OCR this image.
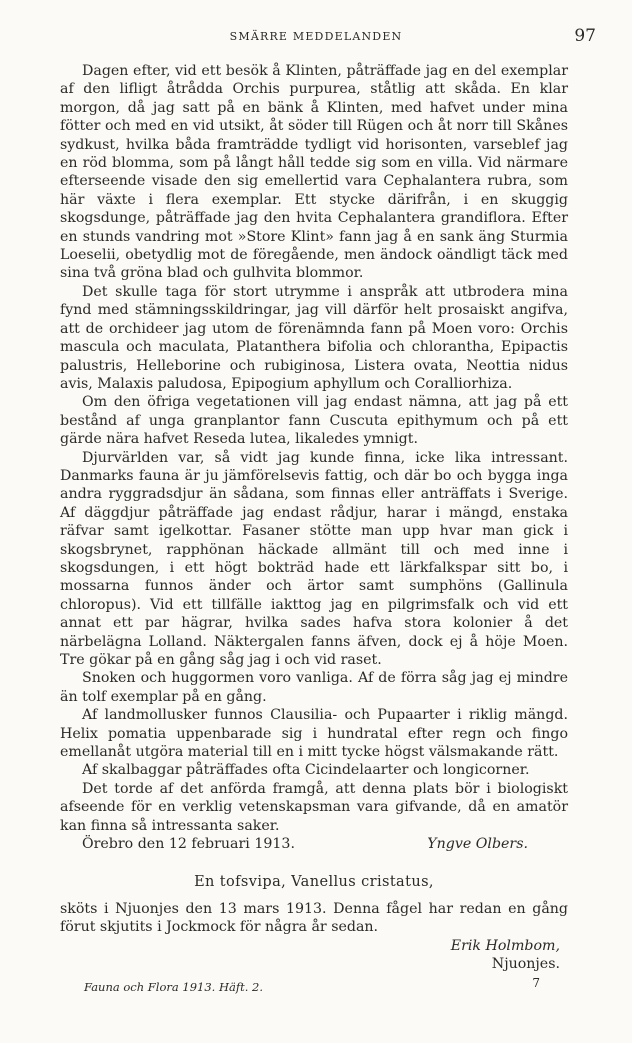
SMÄRRE MEDDELANDEN	97

Dagen efter, vid ett besök å Klinten, påträffade jag en del exemplar af den lifligt åtrådda Orchis purpurea, ståtlig att skåda. En klar morgon, då jag satt på en bänk å Klinten, med hafvet under mina fötter och med en vid utsikt, åt söder till Rügen och åt norr till Skånes sydkust, hvilka båda framträdde tydligt vid horisonten, varseblef jag en röd blomma, som på långt håll tedde sig som en villa. Vid närmare efterseende visade den sig emellertid vara Cephalantera rubra, som här växte i flera exemplar. Ett stycke därifrån, i en skuggig skogsdunge, påträffade jag den hvita Cephalantera grandiflora. Efter en stunds vandring mot »Store Klint» fann jag å en sank äng Sturmia Loeselii, obetydlig mot de föregående, men ändock oändligt täck med sina två gröna blad och gulhvita blommor.

Det skulle taga för stort utrymme i anspråk att utbrodera mina fynd med stämningsskildringar, jag vill därför helt prosaiskt angifva, att de orchideer jag utom de förenämnda fann på Moen voro: Orchis mascula och maculata, Platanthera bifolia och chlorantha, Epipactis palustris, Helleborine och rubiginosa, Listera ovata, Neottia nidus avis, Malaxis paludosa, Epipogium aphyllum och Coralliorhiza.

Om den öfriga vegetationen vill jag endast nämna, att jag på ett bestånd af unga granplantor fann Cuscuta epithymum och på ett gärde nära hafvet Reseda lutea, likaledes ymnigt.

Djurvärlden var, så vidt jag kunde finna, icke lika intressant. Danmarks fauna är ju jämförelsevis fattig, och där bo och bygga inga andra ryggradsdjur än sådana, som finnas eller anträffats i Sverige. Af däggdjur påträffade jag endast rådjur, harar i mängd, enstaka räfvar samt igelkottar. Fasaner stötte man upp hvar man gick i skogsbrynet, rapphönan häckade allmänt till och med inne i skogsdungen, i ett högt bokträd hade ett lärkfalkspar sitt bo, i mossarna funnos änder och ärtor samt sumphöns (Gallinula chloropus). Vid ett tillfälle iakttog jag en pilgrimsfalk och vid ett annat ett par hägrar, hvilka sades hafva stora kolonier å det närbelägna Lolland. Näktergalen fanns äfven, dock ej å höje Moen. Tre gökar på en gång såg jag i och vid raset.

Snoken och huggormen voro vanliga. Af de förra såg jag ej mindre än tolf exemplar på en gång.

Af landmollusker funnos Clausilia- och Pupaarter i riklig mängd. Helix pomatia uppenbarade sig i hundratal efter regn och fingo emellanåt utgöra material till en i mitt tycke högst välsmakande rätt.

Af skalbaggar påträffades ofta Cicindelaarter och longicorner.

Det torde af det anförda framgå, att denna plats bör i biologiskt afseende för en verklig vetenskapsman vara gifvande, då en amatör kan finna så intressanta saker.

Örebro den 12 februari 1913.	Yngve Olbers.

En tofsvipa, Vanellus cristatus,

sköts i Njuonjes den 13 mars 1913. Denna fågel har redan en gång förut skjutits i Jockmock för några år sedan.

Erik Holmbom,

Njuonjes.

Fauna och Flora 1913. Häft. 2.	7
